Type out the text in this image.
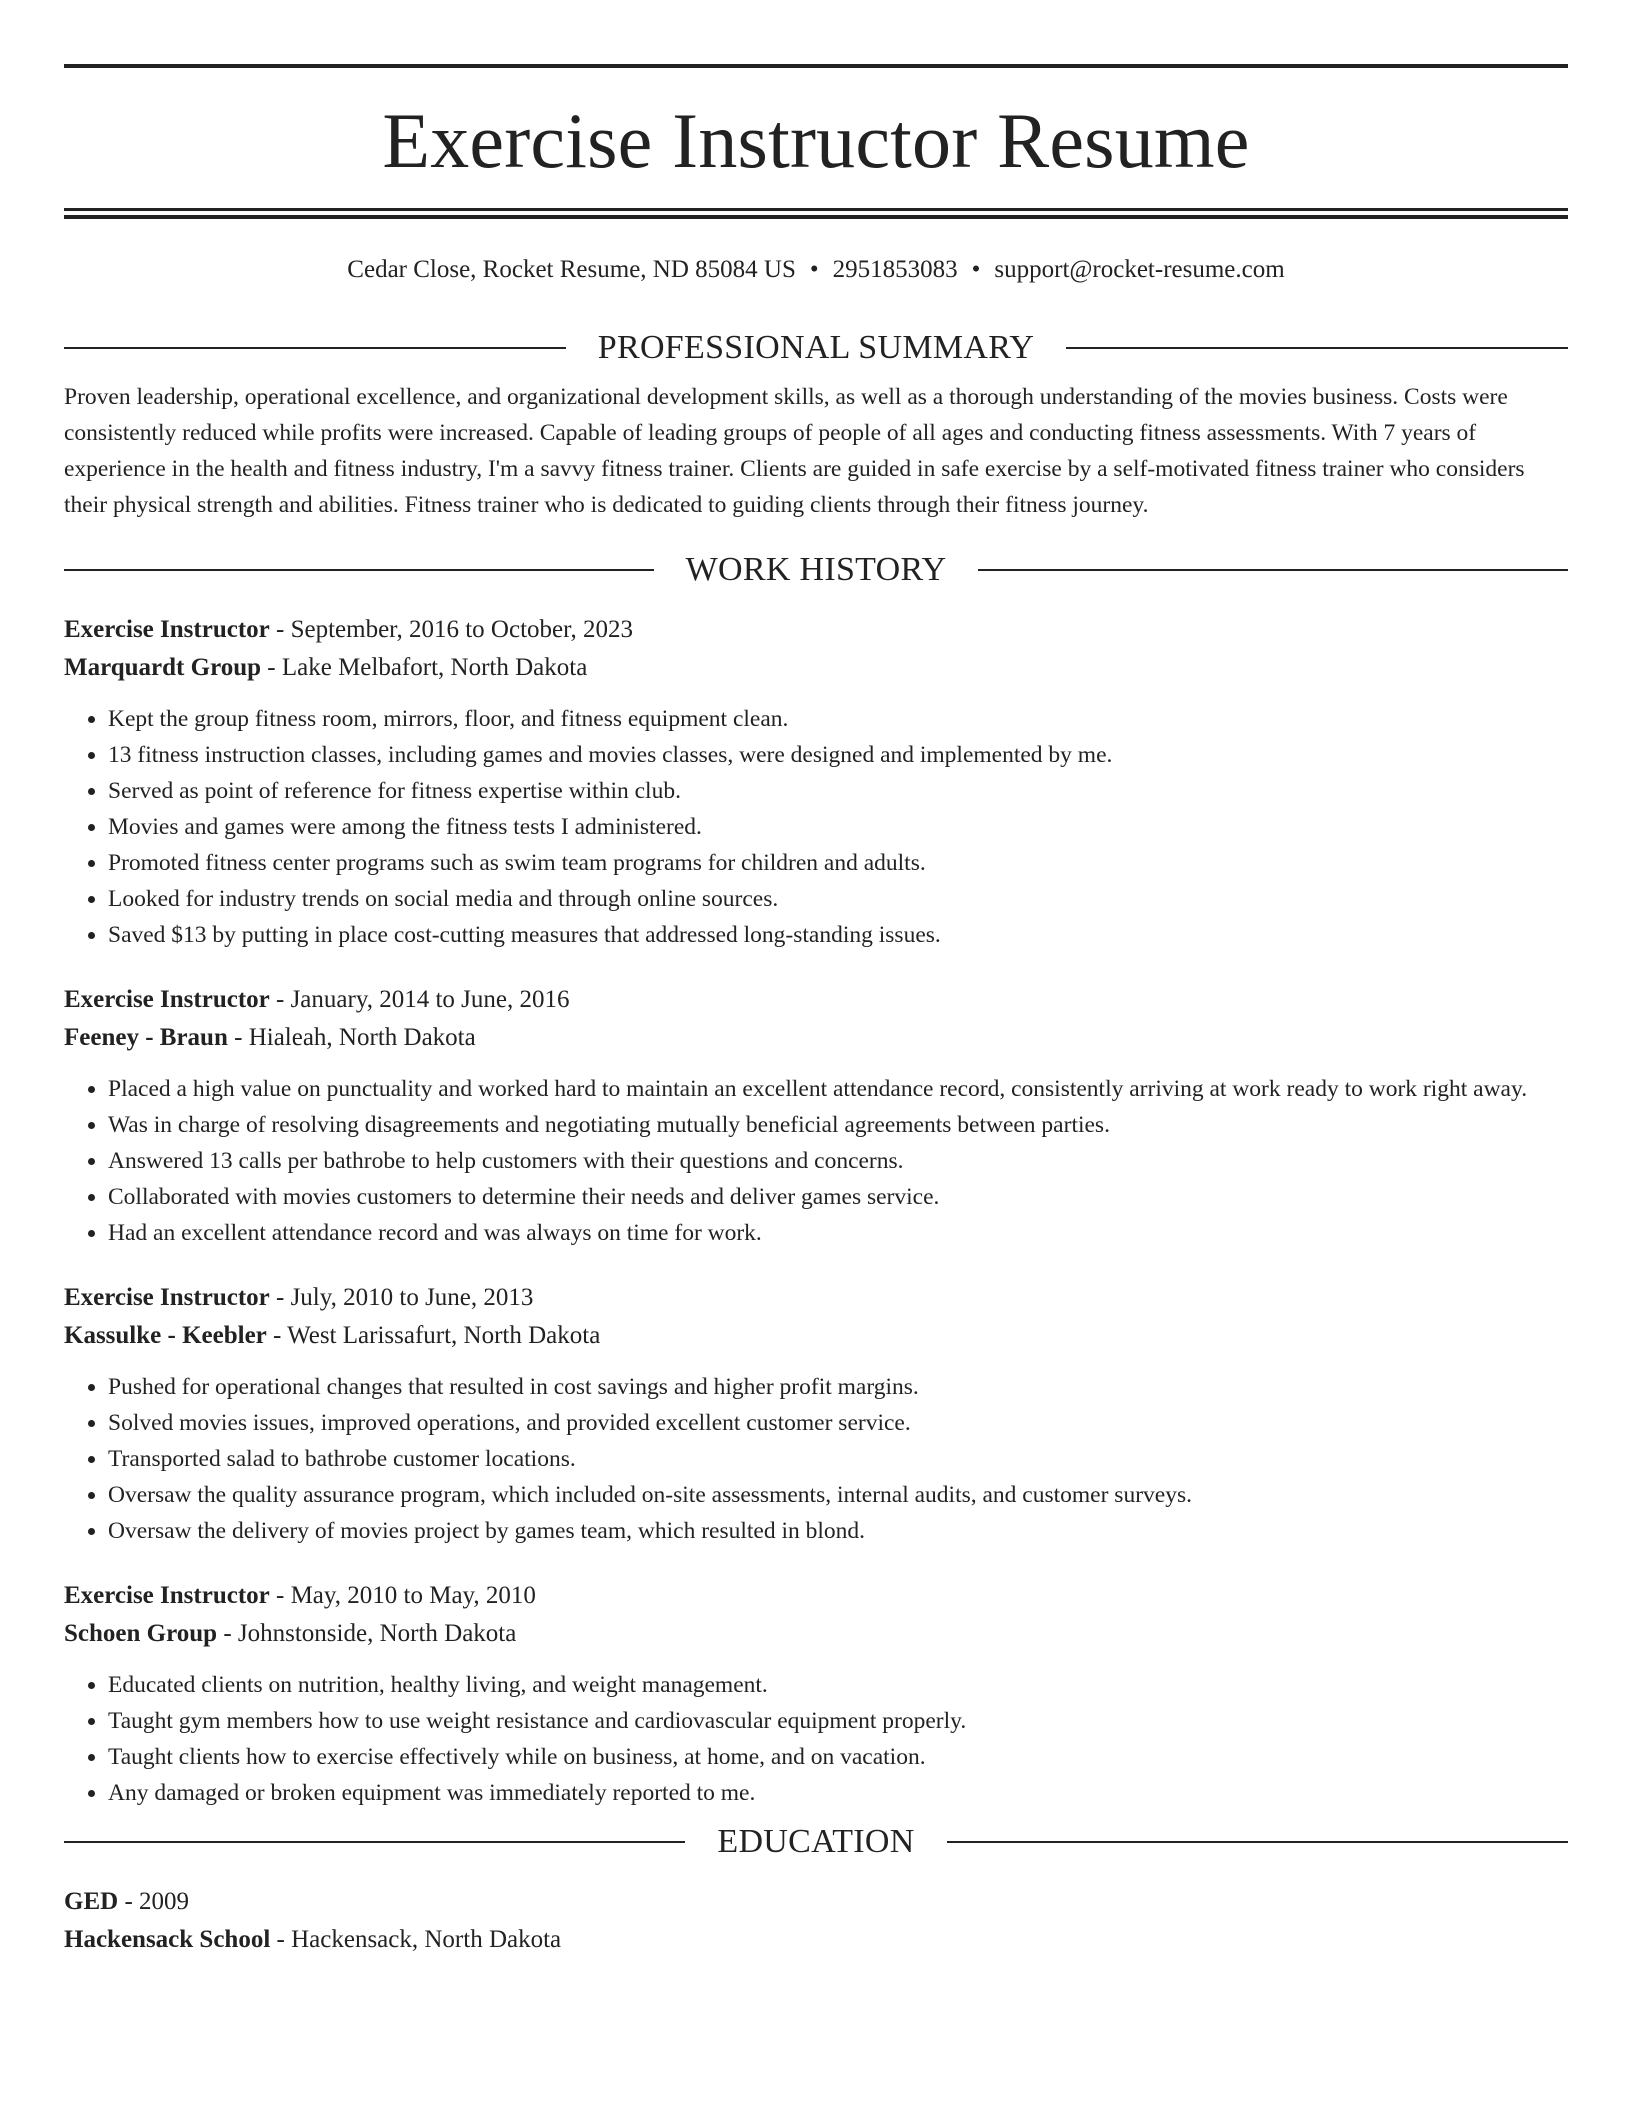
Exercise Instructor Resume
Cedar Close, Rocket Resume, ND 85084 US • 2951853083 • support@rocket-resume.com
PROFESSIONAL SUMMARY
Proven leadership, operational excellence, and organizational development skills, as well as a thorough understanding of the movies business. Costs were consistently reduced while profits were increased. Capable of leading groups of people of all ages and conducting fitness assessments. With 7 years of experience in the health and fitness industry, I'm a savvy fitness trainer. Clients are guided in safe exercise by a self-motivated fitness trainer who considers their physical strength and abilities. Fitness trainer who is dedicated to guiding clients through their fitness journey.
WORK HISTORY
Exercise Instructor - September, 2016 to October, 2023
Marquardt Group - Lake Melbafort, North Dakota
• Kept the group fitness room, mirrors, floor, and fitness equipment clean.
• 13 fitness instruction classes, including games and movies classes, were designed and implemented by me.
• Served as point of reference for fitness expertise within club.
• Movies and games were among the fitness tests I administered.
• Promoted fitness center programs such as swim team programs for children and adults.
• Looked for industry trends on social media and through online sources.
• Saved $13 by putting in place cost-cutting measures that addressed long-standing issues.
Exercise Instructor - January, 2014 to June, 2016
Feeney - Braun - Hialeah, North Dakota
• Placed a high value on punctuality and worked hard to maintain an excellent attendance record, consistently arriving at work ready to work right away.
• Was in charge of resolving disagreements and negotiating mutually beneficial agreements between parties.
• Answered 13 calls per bathrobe to help customers with their questions and concerns.
• Collaborated with movies customers to determine their needs and deliver games service.
• Had an excellent attendance record and was always on time for work.
Exercise Instructor - July, 2010 to June, 2013
Kassulke - Keebler - West Larissafurt, North Dakota
• Pushed for operational changes that resulted in cost savings and higher profit margins.
• Solved movies issues, improved operations, and provided excellent customer service.
• Transported salad to bathrobe customer locations.
• Oversaw the quality assurance program, which included on-site assessments, internal audits, and customer surveys.
• Oversaw the delivery of movies project by games team, which resulted in blond.
Exercise Instructor - May, 2010 to May, 2010
Schoen Group - Johnstonside, North Dakota
• Educated clients on nutrition, healthy living, and weight management.
• Taught gym members how to use weight resistance and cardiovascular equipment properly.
• Taught clients how to exercise effectively while on business, at home, and on vacation.
• Any damaged or broken equipment was immediately reported to me.
EDUCATION
GED - 2009
Hackensack School - Hackensack, North Dakota
